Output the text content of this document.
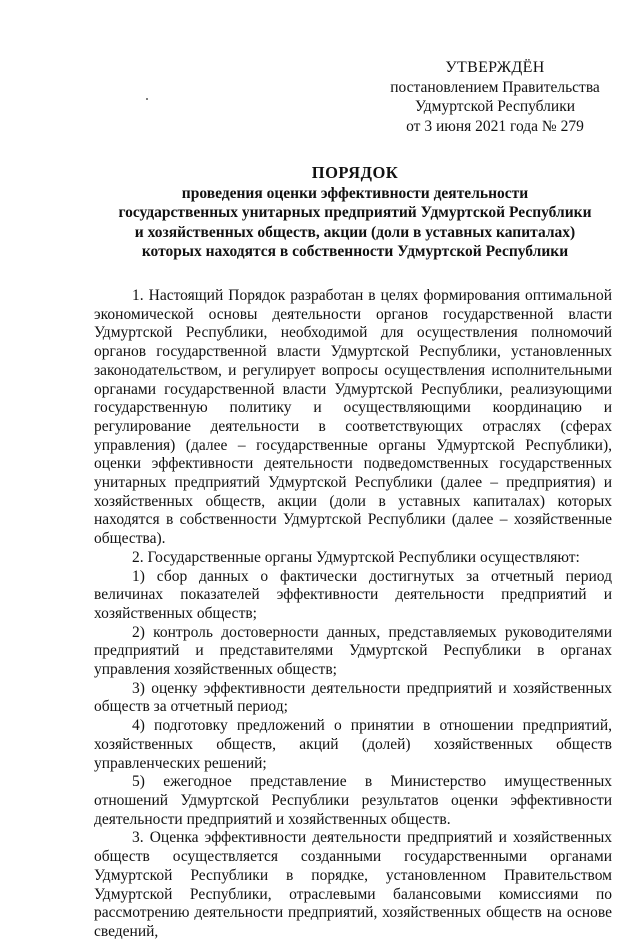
УТВЕРЖДЁН
постановлением Правительства
Удмуртской Республики
от 3 июня 2021 года № 279
ПОРЯДОК
проведения оценки эффективности деятельности
государственных унитарных предприятий Удмуртской Республики
и хозяйственных обществ, акции (доли в уставных капиталах)
которых находятся в собственности Удмуртской Республики

1. Настоящий Порядок разработан в целях формирования оптимальной экономической основы деятельности органов государственной власти Удмуртской Республики, необходимой для осуществления полномочий органов государственной власти Удмуртской Республики, установленных законодательством, и регулирует вопросы осуществления исполнительными органами государственной власти Удмуртской Республики, реализующими государственную политику и осуществляющими координацию и регулирование деятельности в соответствующих отраслях (сферах управления) (далее – государственные органы Удмуртской Республики), оценки эффективности деятельности подведомственных государственных унитарных предприятий Удмуртской Республики (далее – предприятия) и хозяйственных обществ, акции (доли в уставных капиталах) которых находятся в собственности Удмуртской Республики (далее – хозяйственные общества).

2. Государственные органы Удмуртской Республики осуществляют:

1) сбор данных о фактически достигнутых за отчетный период величинах показателей эффективности деятельности предприятий и хозяйственных обществ;

2) контроль достоверности данных, представляемых руководителями предприятий и представителями Удмуртской Республики в органах управления хозяйственных обществ;

3) оценку эффективности деятельности предприятий и хозяйственных обществ за отчетный период;

4) подготовку предложений о принятии в отношении предприятий, хозяйственных обществ, акций (долей) хозяйственных обществ управленческих решений;

5) ежегодное представление в Министерство имущественных отношений Удмуртской Республики результатов оценки эффективности деятельности предприятий и хозяйственных обществ.

3. Оценка эффективности деятельности предприятий и хозяйственных обществ осуществляется созданными государственными органами Удмуртской Республики в порядке, установленном Правительством Удмуртской Республики, отраслевыми балансовыми комиссиями по рассмотрению деятельности предприятий, хозяйственных обществ на основе сведений,
